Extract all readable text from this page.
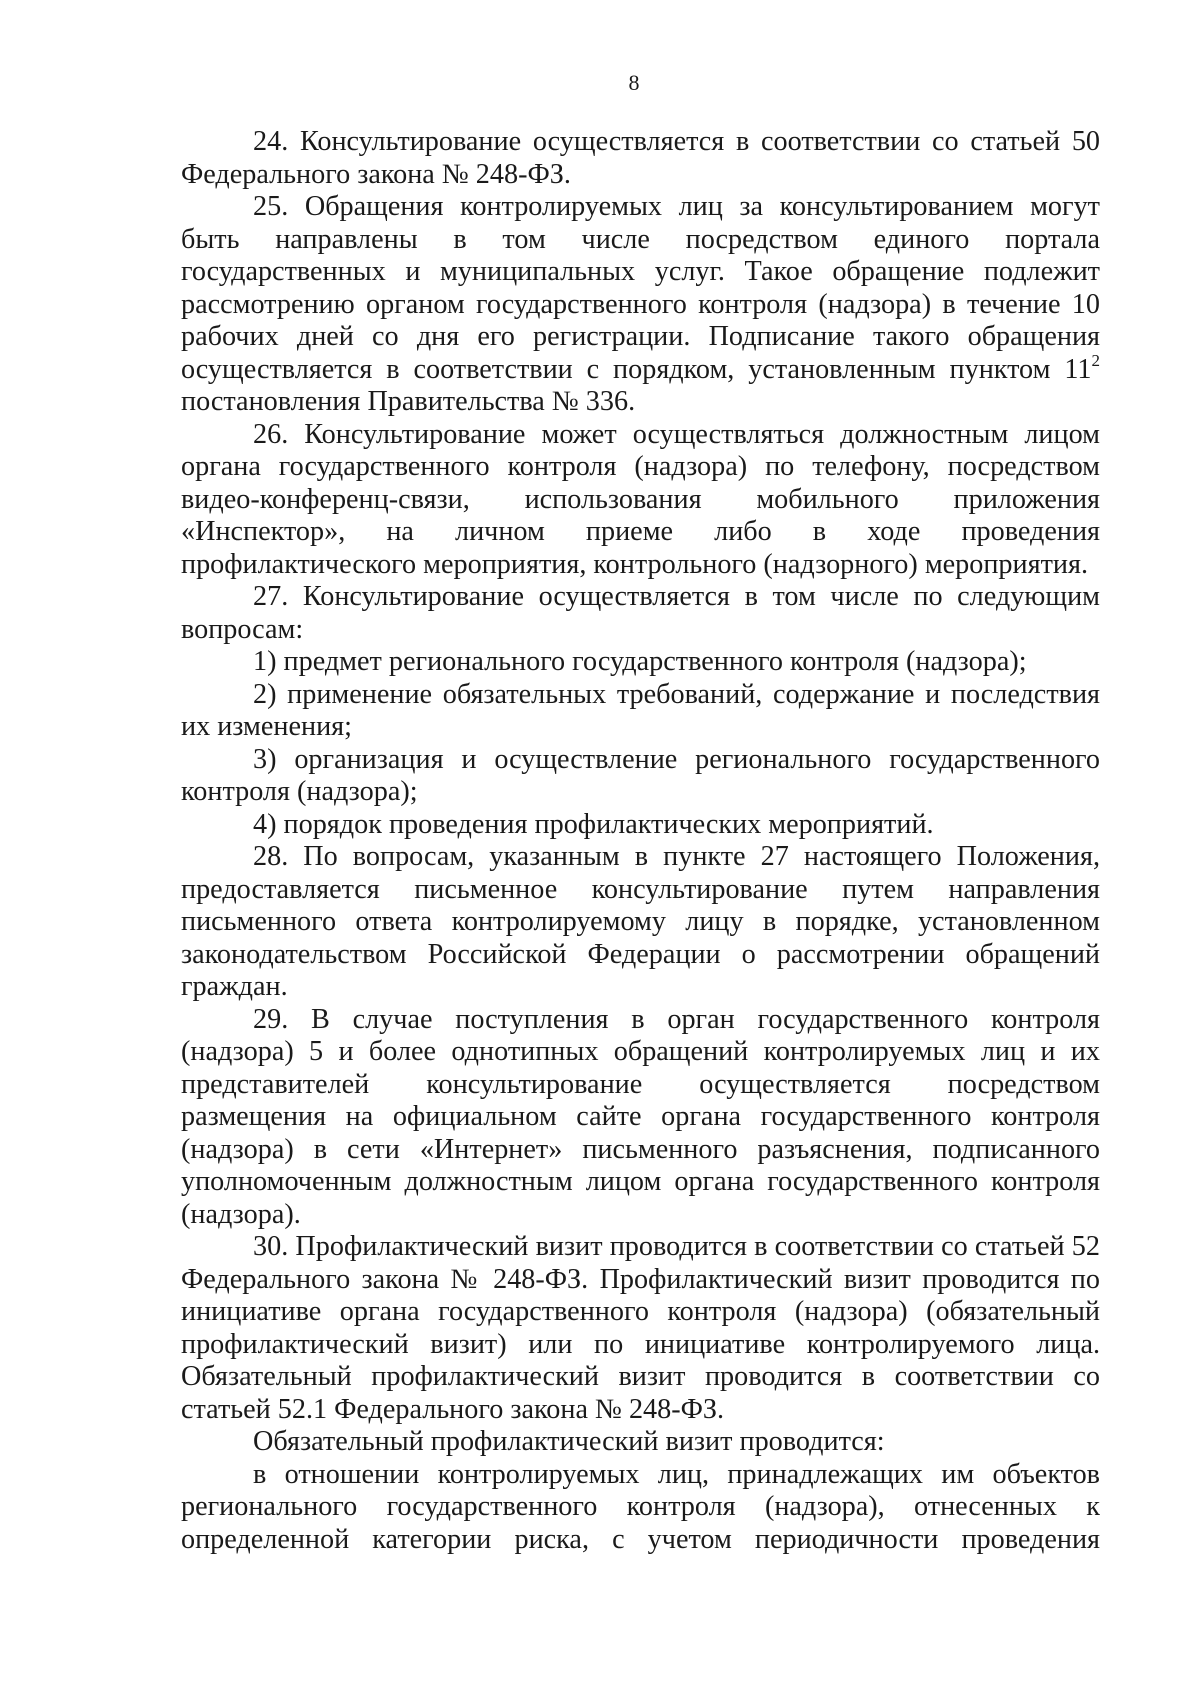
8

24. Консультирование осуществляется в соответствии со статьей 50 Федерального закона № 248-ФЗ.

25. Обращения контролируемых лиц за консультированием могут быть направлены в том числе посредством единого портала государственных и муниципальных услуг. Такое обращение подлежит рассмотрению органом государственного контроля (надзора) в течение 10 рабочих дней со дня его регистрации. Подписание такого обращения осуществляется в соответствии с порядком, установленным пунктом $11^2$ постановления Правительства № 336.

26. Консультирование может осуществляться должностным лицом органа государственного контроля (надзора) по телефону, посредством видео-конференц-связи, использования мобильного приложения «Инспектор», на личном приеме либо в ходе проведения профилактического мероприятия, контрольного (надзорного) мероприятия.

27. Консультирование осуществляется в том числе по следующим вопросам:

1) предмет регионального государственного контроля (надзора);

2) применение обязательных требований, содержание и последствия их изменения;

3) организация и осуществление регионального государственного контроля (надзора);

4) порядок проведения профилактических мероприятий.

28. По вопросам, указанным в пункте 27 настоящего Положения, предоставляется письменное консультирование путем направления письменного ответа контролируемому лицу в порядке, установленном законодательством Российской Федерации о рассмотрении обращений граждан.

29. В случае поступления в орган государственного контроля (надзора) 5 и более однотипных обращений контролируемых лиц и их представителей консультирование осуществляется посредством размещения на официальном сайте органа государственного контроля (надзора) в сети «Интернет» письменного разъяснения, подписанного уполномоченным должностным лицом органа государственного контроля (надзора).

30. Профилактический визит проводится в соответствии со статьей 52 Федерального закона № 248-ФЗ. Профилактический визит проводится по инициативе органа государственного контроля (надзора) (обязательный профилактический визит) или по инициативе контролируемого лица. Обязательный профилактический визит проводится в соответствии со статьей 52.1 Федерального закона № 248-ФЗ.

Обязательный профилактический визит проводится:

в отношении контролируемых лиц, принадлежащих им объектов регионального государственного контроля (надзора), отнесенных к определенной категории риска, с учетом периодичности проведения
